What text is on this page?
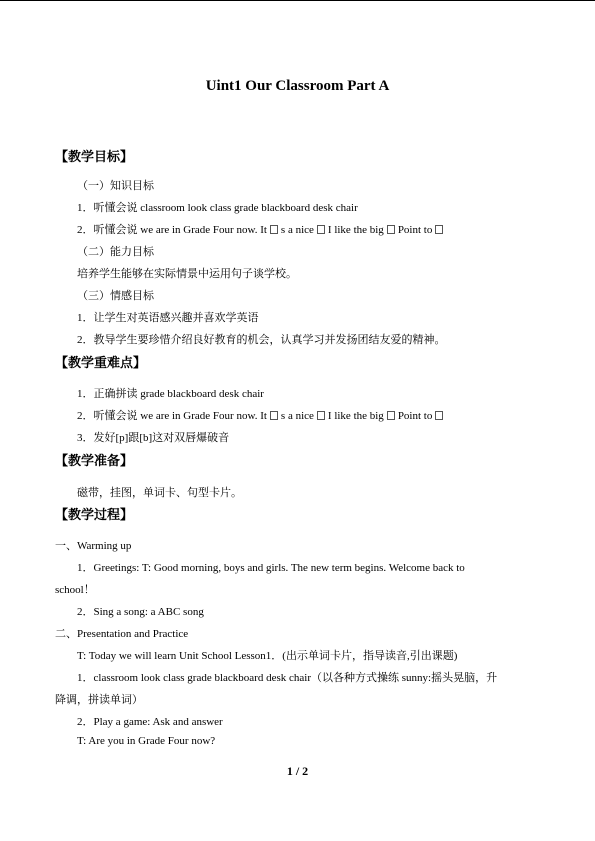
Uint1 Our Classroom Part A
【教学目标】
（一）知识目标
1．听懂会说 classroom look class grade blackboard desk chair
2．听懂会说 we are in Grade Four now. It s a nice I like the big Point to
（二）能力目标
培养学生能够在实际情景中运用句子谈学校。
（三）情感目标
1．让学生对英语感兴趣并喜欢学英语
2．教导学生要珍惜介绍良好教育的机会，认真学习并发扬团结友爱的精神。
【教学重难点】
1．正确拼读 grade blackboard desk chair
2．听懂会说 we are in Grade Four now. It s a nice I like the big Point to
3．发好[p]跟[b]这对双唇爆破音
【教学准备】
磁带，挂图，单词卡、句型卡片。
【教学过程】
一、Warming up
1．Greetings: T: Good morning, boys and girls. The new term begins. Welcome back to
school！
2．Sing a song: a ABC song
二、Presentation and Practice
T: Today we will learn Unit School Lesson1．(出示单词卡片，指导读音,引出课题)
1．classroom look class grade blackboard desk chair（以各种方式操练 sunny:摇头晃脑，升
降调，拼读单词）
2．Play a game: Ask and answer
T: Are you in Grade Four now?
1 / 2
